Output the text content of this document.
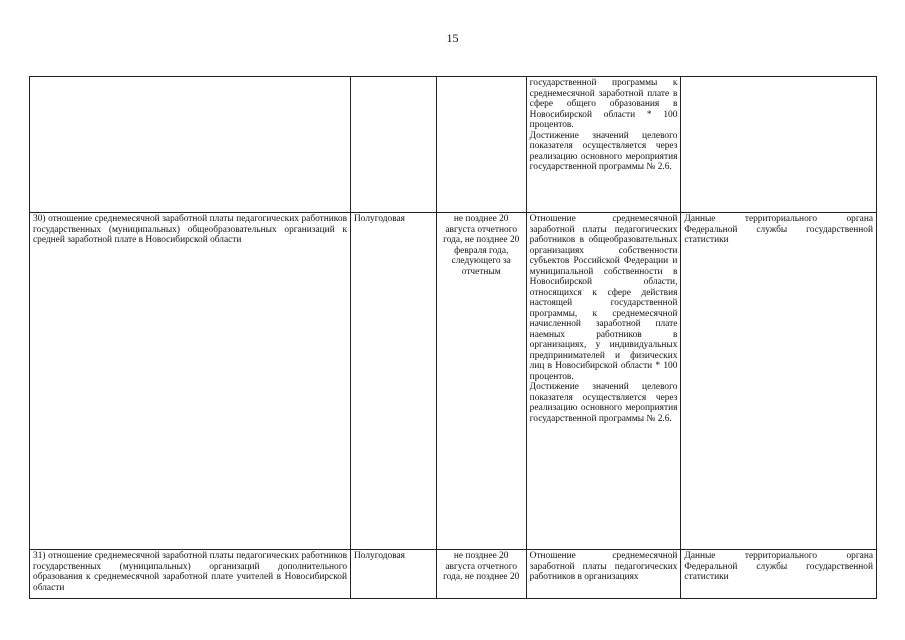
15

			государственной программы к среднемесячной заработной плате в сфере общего образования в Новосибирской области * 100 процентов.
Достижение значений целевого показателя осуществляется через реализацию основного мероприятия государственной программы № 2.6.	

30) отношение среднемесячной заработной платы педагогических работников государственных (муниципальных) общеобразовательных организаций к средней заработной плате в Новосибирской области	Полугодовая	не позднее 20 августа отчетного года, не позднее 20 февраля года, следующего за отчетным	Отношение среднемесячной заработной платы педагогических работников в общеобразовательных организациях собственности субъектов Российской Федерации и муниципальной собственности в Новосибирской области, относящихся к сфере действия настоящей государственной программы, к среднемесячной начисленной заработной плате наемных работников в организациях, у индивидуальных предпринимателей и физических лиц в Новосибирской области * 100 процентов.
Достижение значений целевого показателя осуществляется через реализацию основного мероприятия государственной программы № 2.6.	Данные территориального органа Федеральной службы государственной статистики

31) отношение среднемесячной заработной платы педагогических работников государственных (муниципальных) организаций дополнительного образования к среднемесячной заработной плате учителей в Новосибирской области	Полугодовая	не позднее 20 августа отчетного года, не позднее 20	Отношение среднемесячной заработной платы педагогических работников в организациях	Данные территориального органа Федеральной службы государственной статистики
